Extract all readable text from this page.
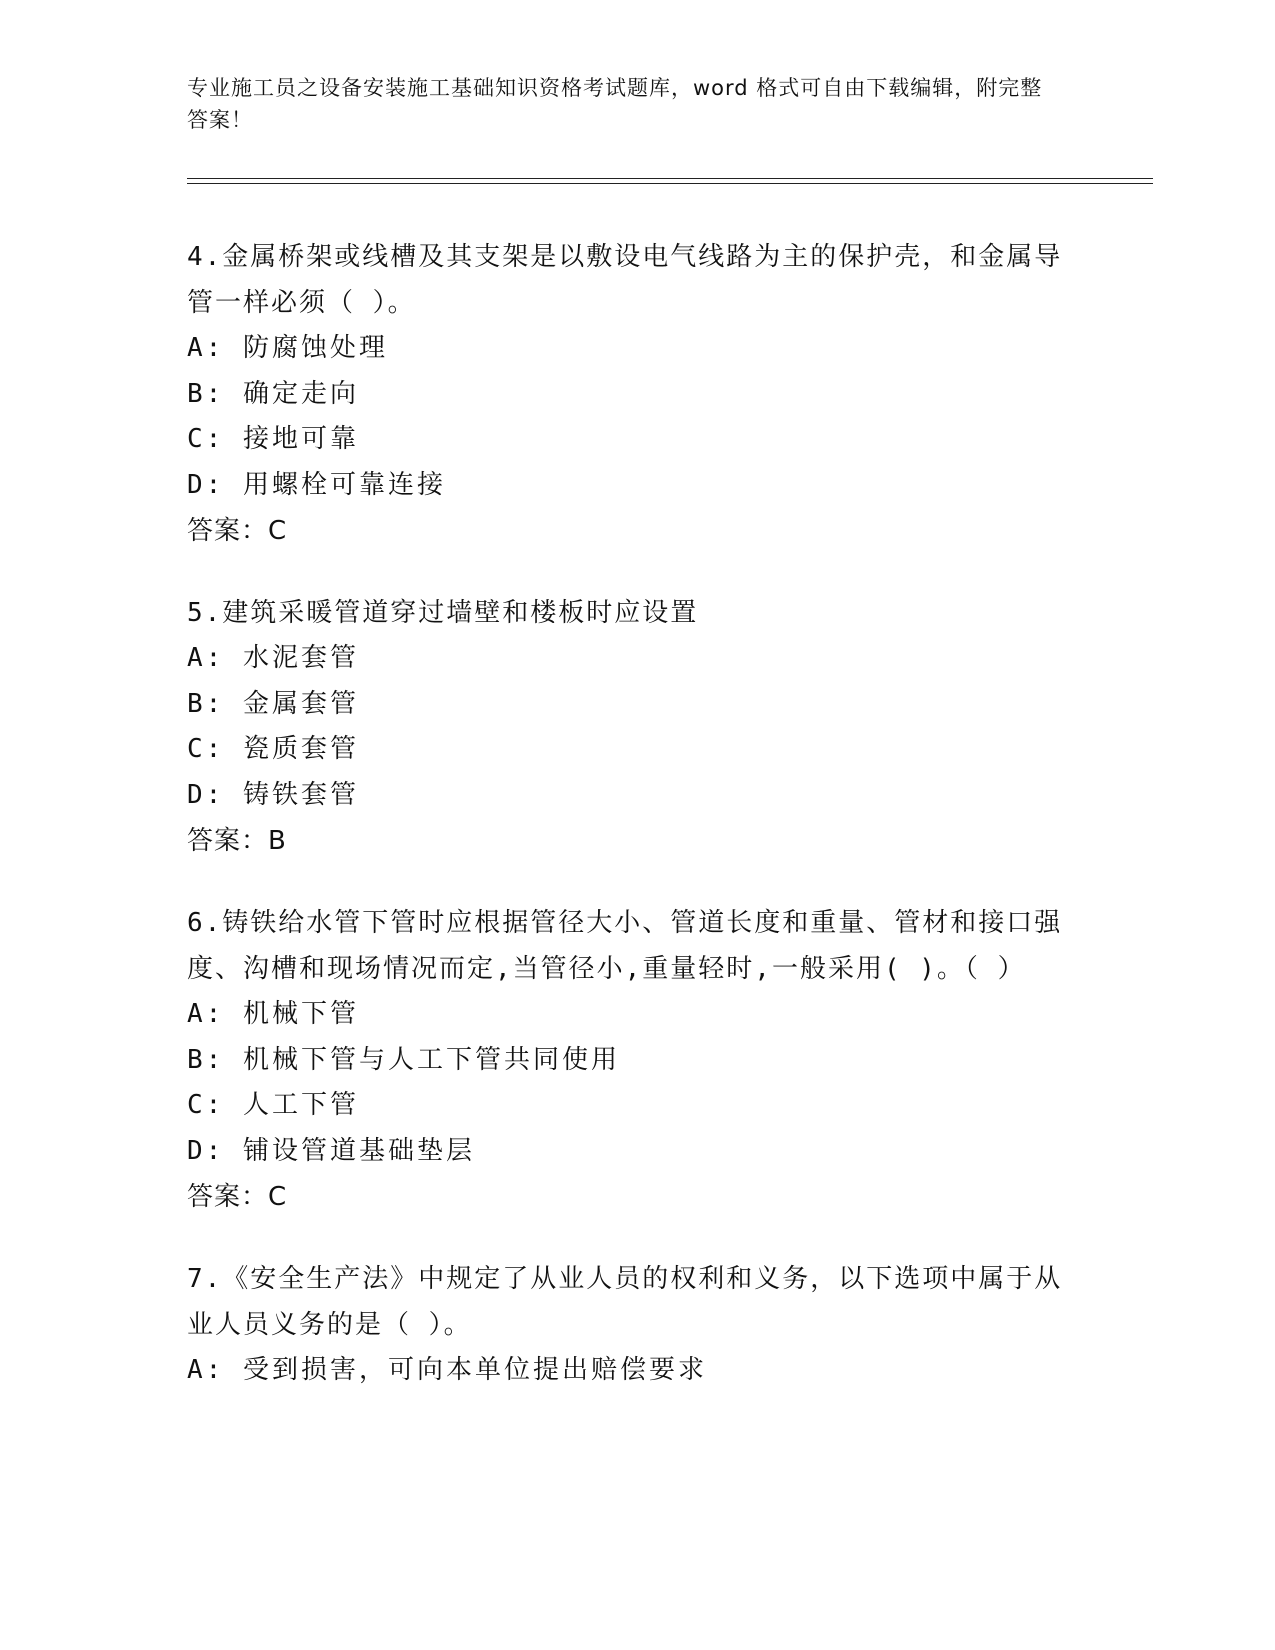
专业施工员之设备安装施工基础知识资格考试题库，word 格式可自由下载编辑，附完整答案！

4.金属桥架或线槽及其支架是以敷设电气线路为主的保护壳，和金属导管一样必须（ ）。

A: 防腐蚀处理

B: 确定走向

C: 接地可靠

D: 用螺栓可靠连接

答案：C

5.建筑采暖管道穿过墙壁和楼板时应设置

A: 水泥套管

B: 金属套管

C: 瓷质套管

D: 铸铁套管

答案：B

6.铸铁给水管下管时应根据管径大小、管道长度和重量、管材和接口强度、沟槽和现场情况而定,当管径小,重量轻时,一般采用( )。（ ）

A: 机械下管

B: 机械下管与人工下管共同使用

C: 人工下管

D: 铺设管道基础垫层

答案：C

7.《安全生产法》中规定了从业人员的权利和义务，以下选项中属于从业人员义务的是（ ）。

A: 受到损害，可向本单位提出赔偿要求
